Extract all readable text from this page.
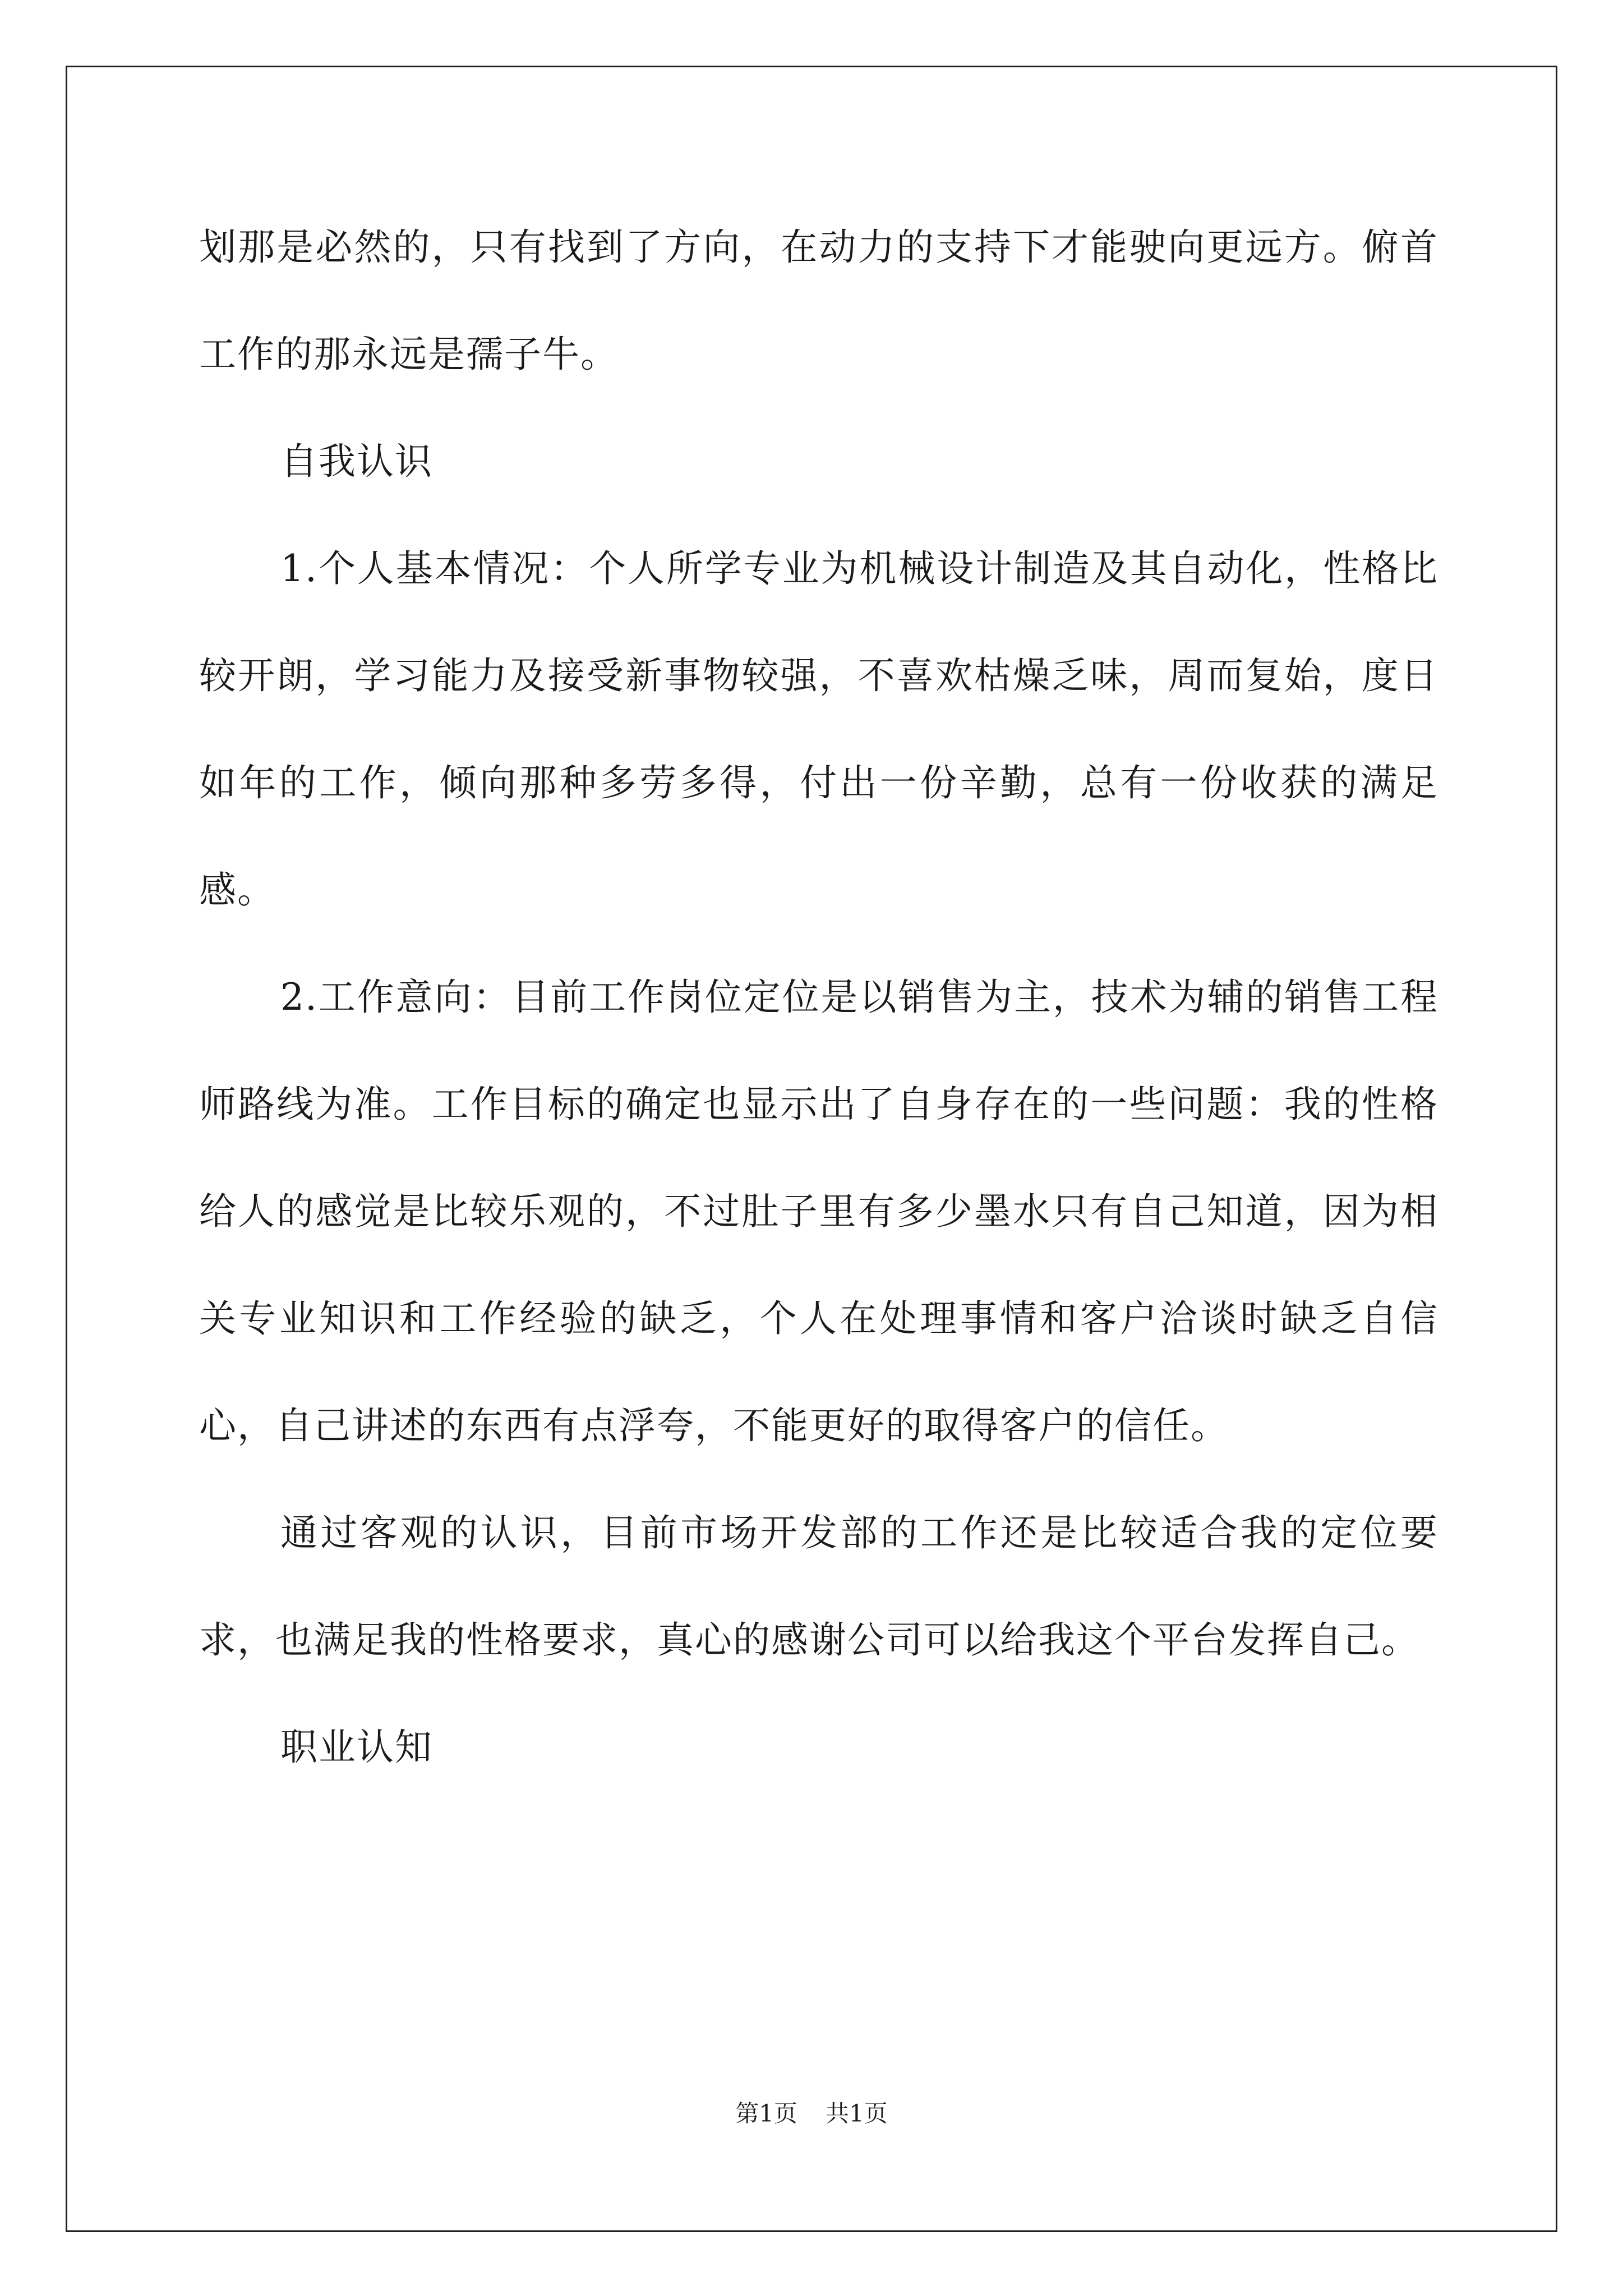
划那是必然的，只有找到了方向，在动力的支持下才能驶向更远方。俯首工作的那永远是孺子牛。

自我认识

1.个人基本情况：个人所学专业为机械设计制造及其自动化，性格比较开朗，学习能力及接受新事物较强，不喜欢枯燥乏味，周而复始，度日如年的工作，倾向那种多劳多得，付出一份辛勤，总有一份收获的满足感。

2.工作意向：目前工作岗位定位是以销售为主，技术为辅的销售工程师路线为准。工作目标的确定也显示出了自身存在的一些问题：我的性格给人的感觉是比较乐观的，不过肚子里有多少墨水只有自己知道，因为相关专业知识和工作经验的缺乏，个人在处理事情和客户洽谈时缺乏自信心，自己讲述的东西有点浮夸，不能更好的取得客户的信任。

通过客观的认识，目前市场开发部的工作还是比较适合我的定位要求，也满足我的性格要求，真心的感谢公司可以给我这个平台发挥自己。

职业认知

第1页 共1页
